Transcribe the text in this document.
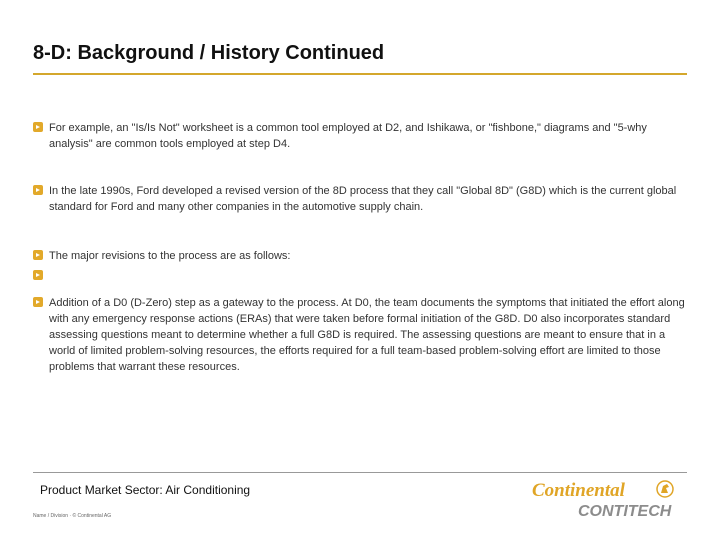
8-D: Background / History Continued
For example, an "Is/Is Not" worksheet is a common tool employed at D2, and Ishikawa, or "fishbone," diagrams and "5-why analysis" are common tools employed at step D4.
In the late 1990s, Ford developed a revised version of the 8D process that they call "Global 8D" (G8D) which is the current global standard for Ford and many other companies in the automotive supply chain.
The major revisions to the process are as follows:
Addition of a D0 (D-Zero) step as a gateway to the process. At D0, the team documents the symptoms that initiated the effort along with any emergency response actions (ERAs) that were taken before formal initiation of the G8D. D0 also incorporates standard assessing questions meant to determine whether a full G8D is required. The assessing questions are meant to ensure that in a world of limited problem-solving resources, the efforts required for a full team-based problem-solving effort are limited to those problems that warrant these resources.
Product Market Sector: Air Conditioning
Name / Division · © Continental AG
Continental
CONTITECH
